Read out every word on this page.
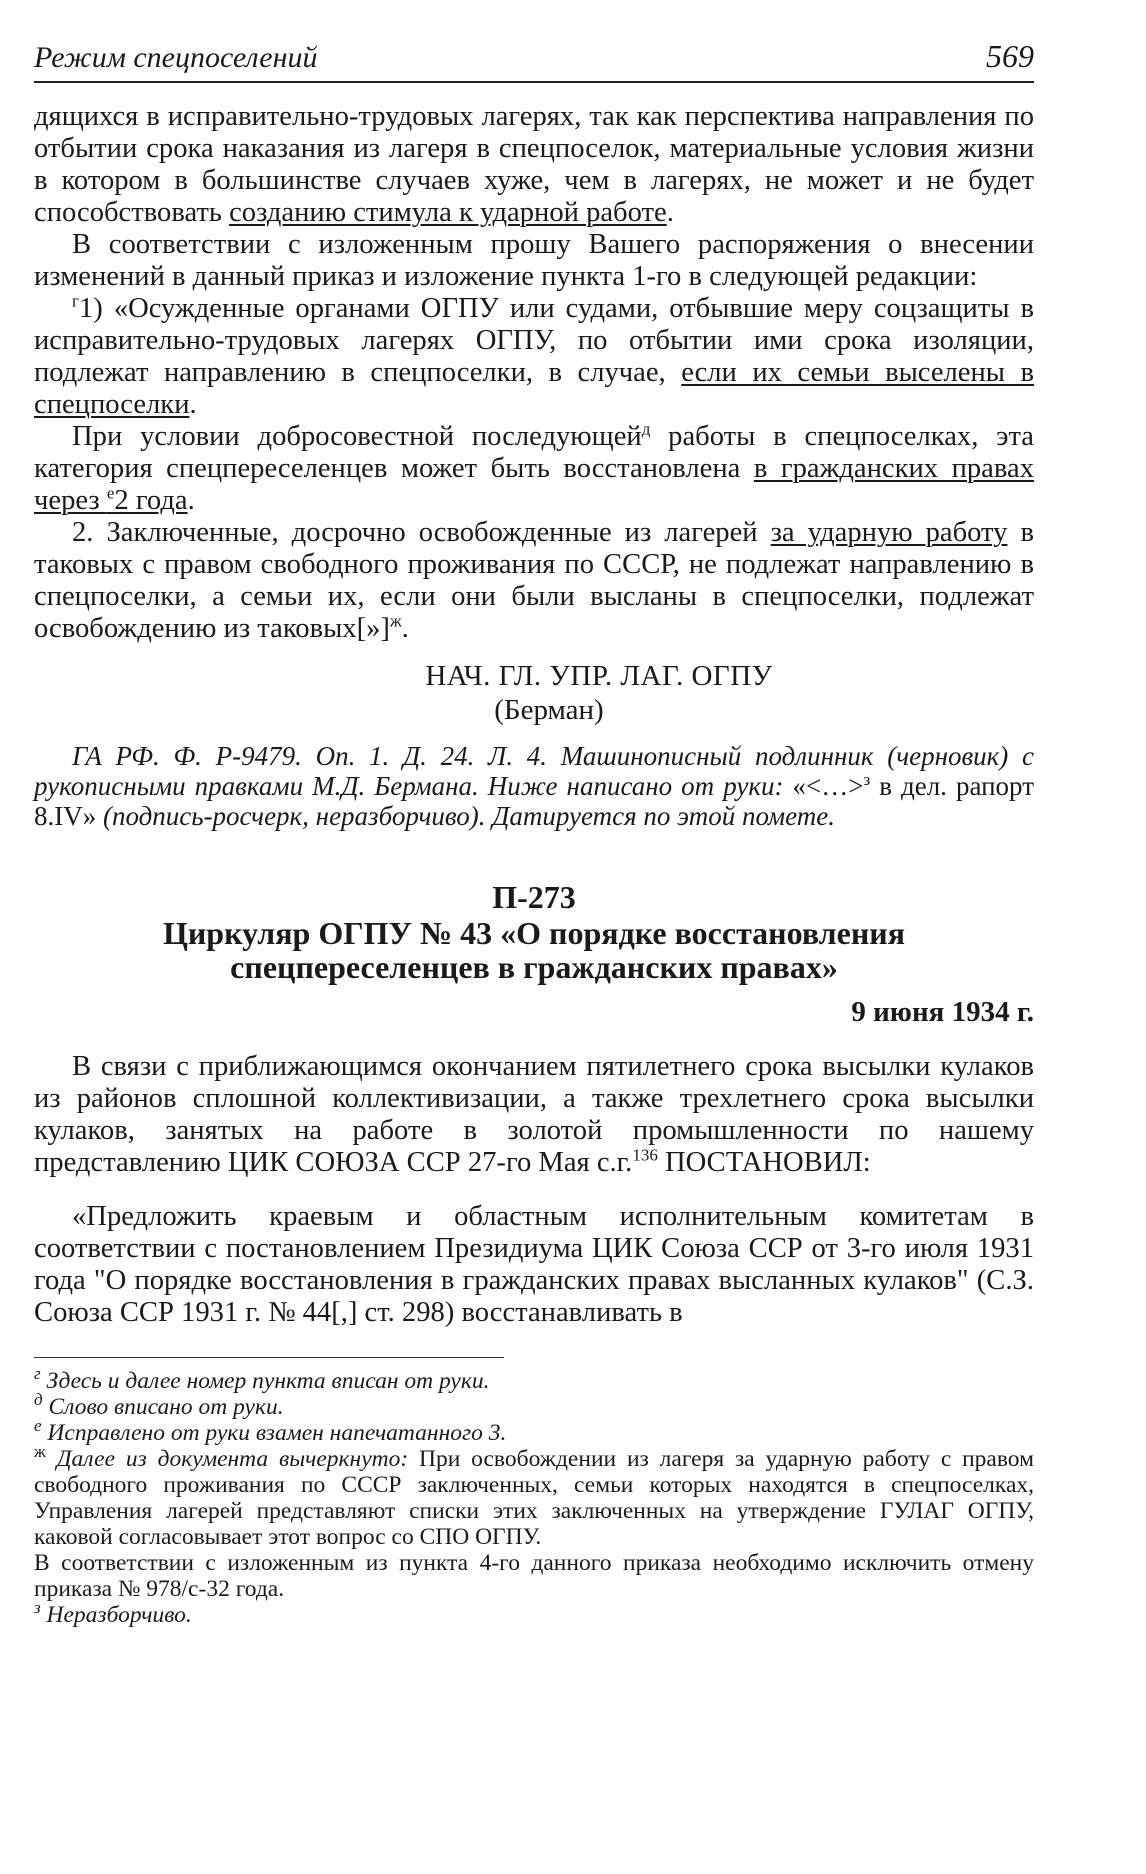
Режим спецпоселений	569

дящихся в исправительно-трудовых лагерях, так как перспектива направления по отбытии срока наказания из лагеря в спецпоселок, материальные условия жизни в котором в большинстве случаев хуже, чем в лагерях, не может и не будет способствовать созданию стимула к ударной работе.

В соответствии с изложенным прошу Вашего распоряжения о внесении изменений в данный приказ и изложение пункта 1-го в следующей редакции:

$^г$1) «Осужденные органами ОГПУ или судами, отбывшие меру соцзащиты в исправительно-трудовых лагерях ОГПУ, по отбытии ими срока изоляции, подлежат направлению в спецпоселки, в случае, если их семьи выселены в спецпоселки.

При условии добросовестной последующей$^д$ работы в спецпоселках, эта категория спецпереселенцев может быть восстановлена в гражданских правах через $^е$2 года.

2. Заключенные, досрочно освобожденные из лагерей за ударную работу в таковых с правом свободного проживания по СССР, не подлежат направлению в спецпоселки, а семьи их, если они были высланы в спецпоселки, подлежат освобождению из таковых[»]$^ж$.

НАЧ. ГЛ. УПР. ЛАГ. ОГПУ
(Берман)
ГА РФ. Ф. Р-9479. Оп. 1. Д. 24. Л. 4. Машинописный подлинник (черновик) с рукописными правками М.Д. Бермана. Ниже написано от руки: «<…>$^з$ в дел. рапорт 8.IV» (подпись-росчерк, неразборчиво). Датируется по этой помете.
П-273
Циркуляр ОГПУ № 43 «О порядке восстановления
спецпереселенцев в гражданских правах»
9 июня 1934 г.

В связи с приближающимся окончанием пятилетнего срока высылки кулаков из районов сплошной коллективизации, а также трехлетнего срока высылки кулаков, занятых на работе в золотой промышленности по нашему представлению ЦИК СОЮЗА ССР 27-го Мая с.г.$^{136}$ ПОСТАНОВИЛ:

«Предложить краевым и областным исполнительным комитетам в соответствии с постановлением Президиума ЦИК Союза ССР от 3-го июля 1931 года "О порядке восстановления в гражданских правах высланных кулаков" (С.З. Союза ССР 1931 г. № 44[,] ст. 298) восстанавливать в

$^г$ Здесь и далее номер пункта вписан от руки.
$^д$ Слово вписано от руки.
$^е$ Исправлено от руки взамен напечатанного 3.
$^ж$ Далее из документа вычеркнуто: При освобождении из лагеря за ударную работу с правом свободного проживания по СССР заключенных, семьи которых находятся в спецпоселках, Управления лагерей представляют списки этих заключенных на утверждение ГУЛАГ ОГПУ, каковой согласовывает этот вопрос со СПО ОГПУ.
В соответствии с изложенным из пункта 4-го данного приказа необходимо исключить отмену приказа № 978/с-32 года.
$^з$ Неразборчиво.
